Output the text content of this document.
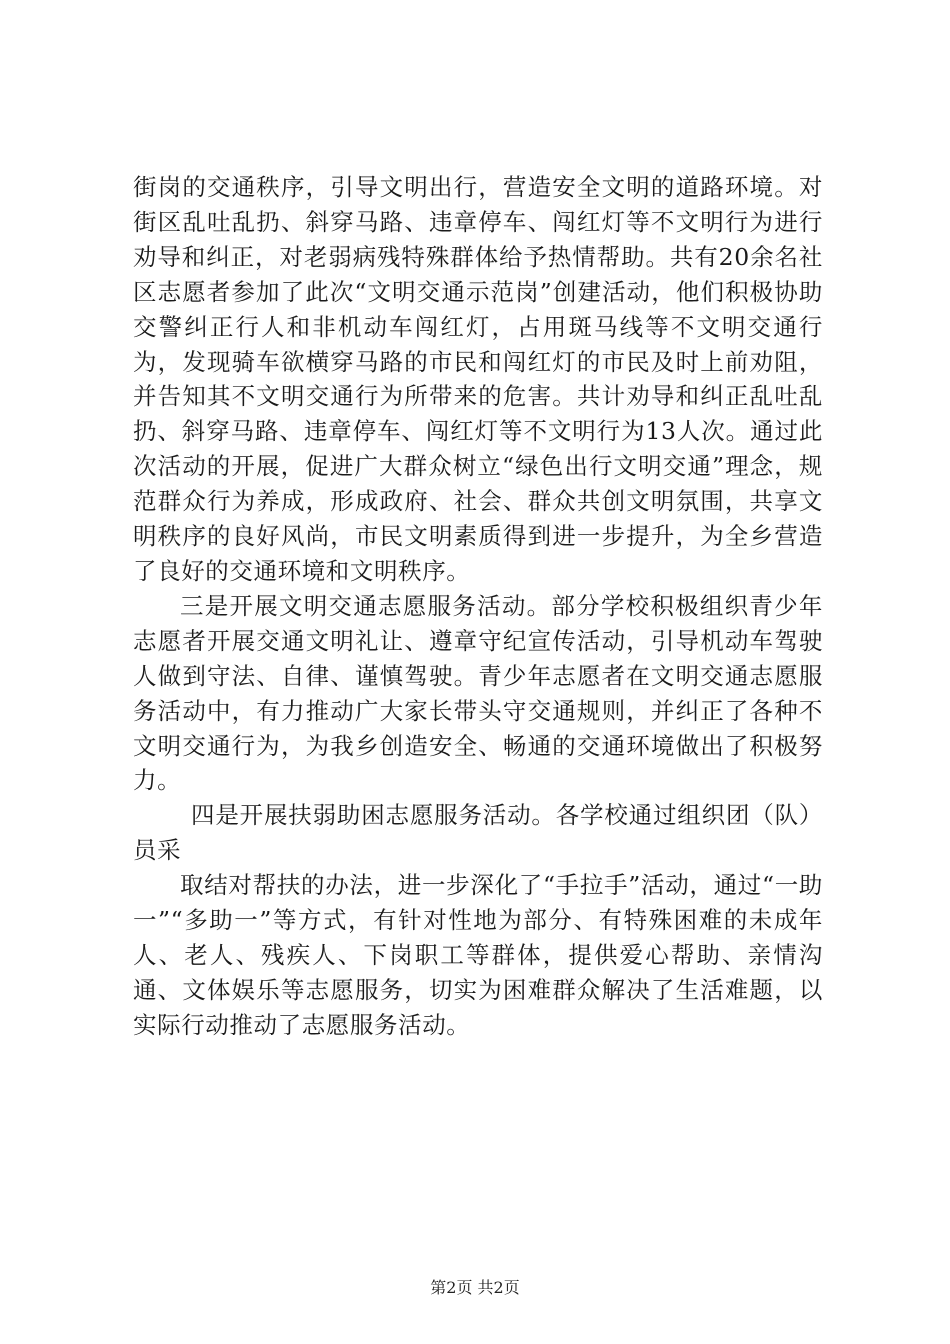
街岗的交通秩序，引导文明出行，营造安全文明的道路环境。对街区乱吐乱扔、斜穿马路、违章停车、闯红灯等不文明行为进行劝导和纠正，对老弱病残特殊群体给予热情帮助。共有20余名社区志愿者参加了此次“文明交通示范岗”创建活动，他们积极协助交警纠正行人和非机动车闯红灯，占用斑马线等不文明交通行为，发现骑车欲横穿马路的市民和闯红灯的市民及时上前劝阻，并告知其不文明交通行为所带来的危害。共计劝导和纠正乱吐乱扔、斜穿马路、违章停车、闯红灯等不文明行为13人次。通过此次活动的开展，促进广大群众树立“绿色出行文明交通”理念，规范群众行为养成，形成政府、社会、群众共创文明氛围，共享文明秩序的良好风尚，市民文明素质得到进一步提升，为全乡营造了良好的交通环境和文明秩序。

三是开展文明交通志愿服务活动。部分学校积极组织青少年志愿者开展交通文明礼让、遵章守纪宣传活动，引导机动车驾驶人做到守法、自律、谨慎驾驶。青少年志愿者在文明交通志愿服务活动中，有力推动广大家长带头守交通规则，并纠正了各种不文明交通行为，为我乡创造安全、畅通的交通环境做出了积极努力。

四是开展扶弱助困志愿服务活动。各学校通过组织团（队）员采

取结对帮扶的办法，进一步深化了“手拉手”活动，通过“一助一”“多助一”等方式，有针对性地为部分、有特殊困难的未成年人、老人、残疾人、下岗职工等群体，提供爱心帮助、亲情沟通、文体娱乐等志愿服务，切实为困难群众解决了生活难题，以实际行动推动了志愿服务活动。

第2页 共2页
